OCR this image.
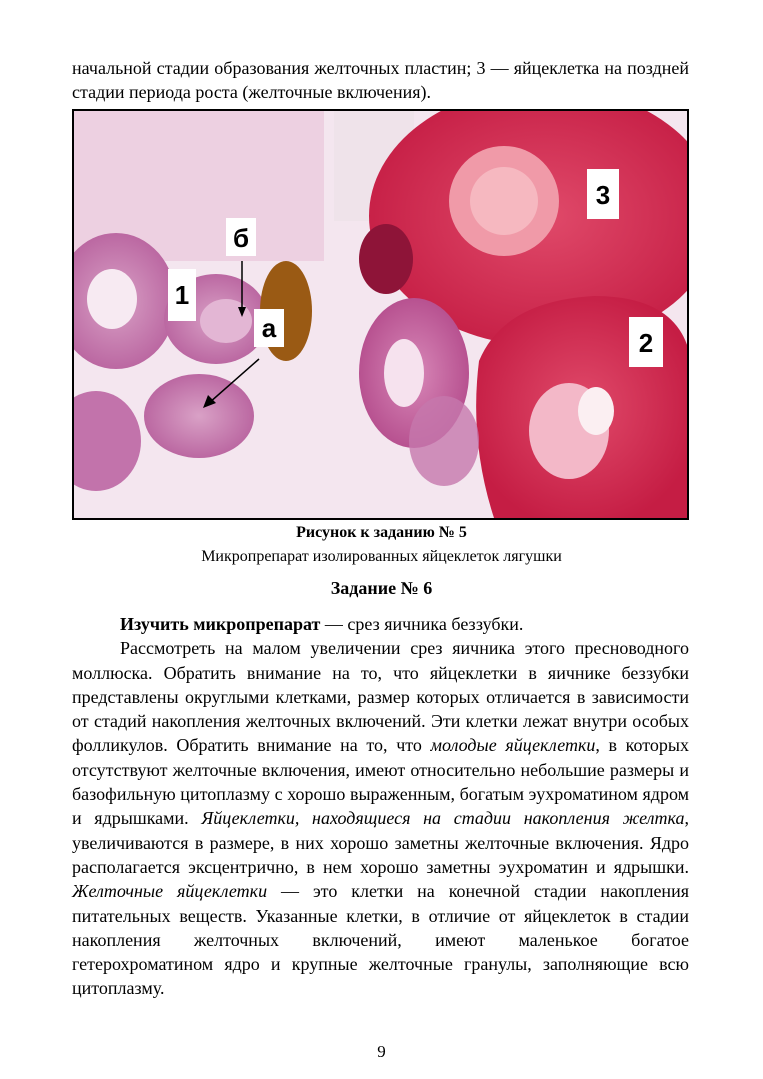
начальной стадии образования желточных пластин; 3 — яйцеклетка на поздней стадии периода роста (желточные включения).
б
1
а
3
2
Рисунок к заданию № 5
Микропрепарат изолированных яйцеклеток лягушки
Задание № 6

Изучить микропрепарат — срез яичника беззубки.

Рассмотреть на малом увеличении срез яичника этого пресноводного моллюска. Обратить внимание на то, что яйцеклетки в яичнике беззубки представлены округлыми клетками, размер которых отличается в зависимости от стадий накопления желточных включений. Эти клетки лежат внутри особых фолликулов. Обратить внимание на то, что молодые яйцеклетки, в которых отсутствуют желточные включения, имеют относительно небольшие размеры и базофильную цитоплазму с хорошо выраженным, богатым эухроматином ядром и ядрышками. Яйцеклетки, находящиеся на стадии накопления желтка, увеличиваются в размере, в них хорошо заметны желточные включения. Ядро располагается эксцентрично, в нем хорошо заметны эухроматин и ядрышки. Желточные яйцеклетки — это клетки на конечной стадии накопления питательных веществ. Указанные клетки, в отличие от яйцеклеток в стадии накопления желточных включений, имеют маленькое богатое гетерохроматином ядро и крупные желточные гранулы, заполняющие всю цитоплазму.

9
